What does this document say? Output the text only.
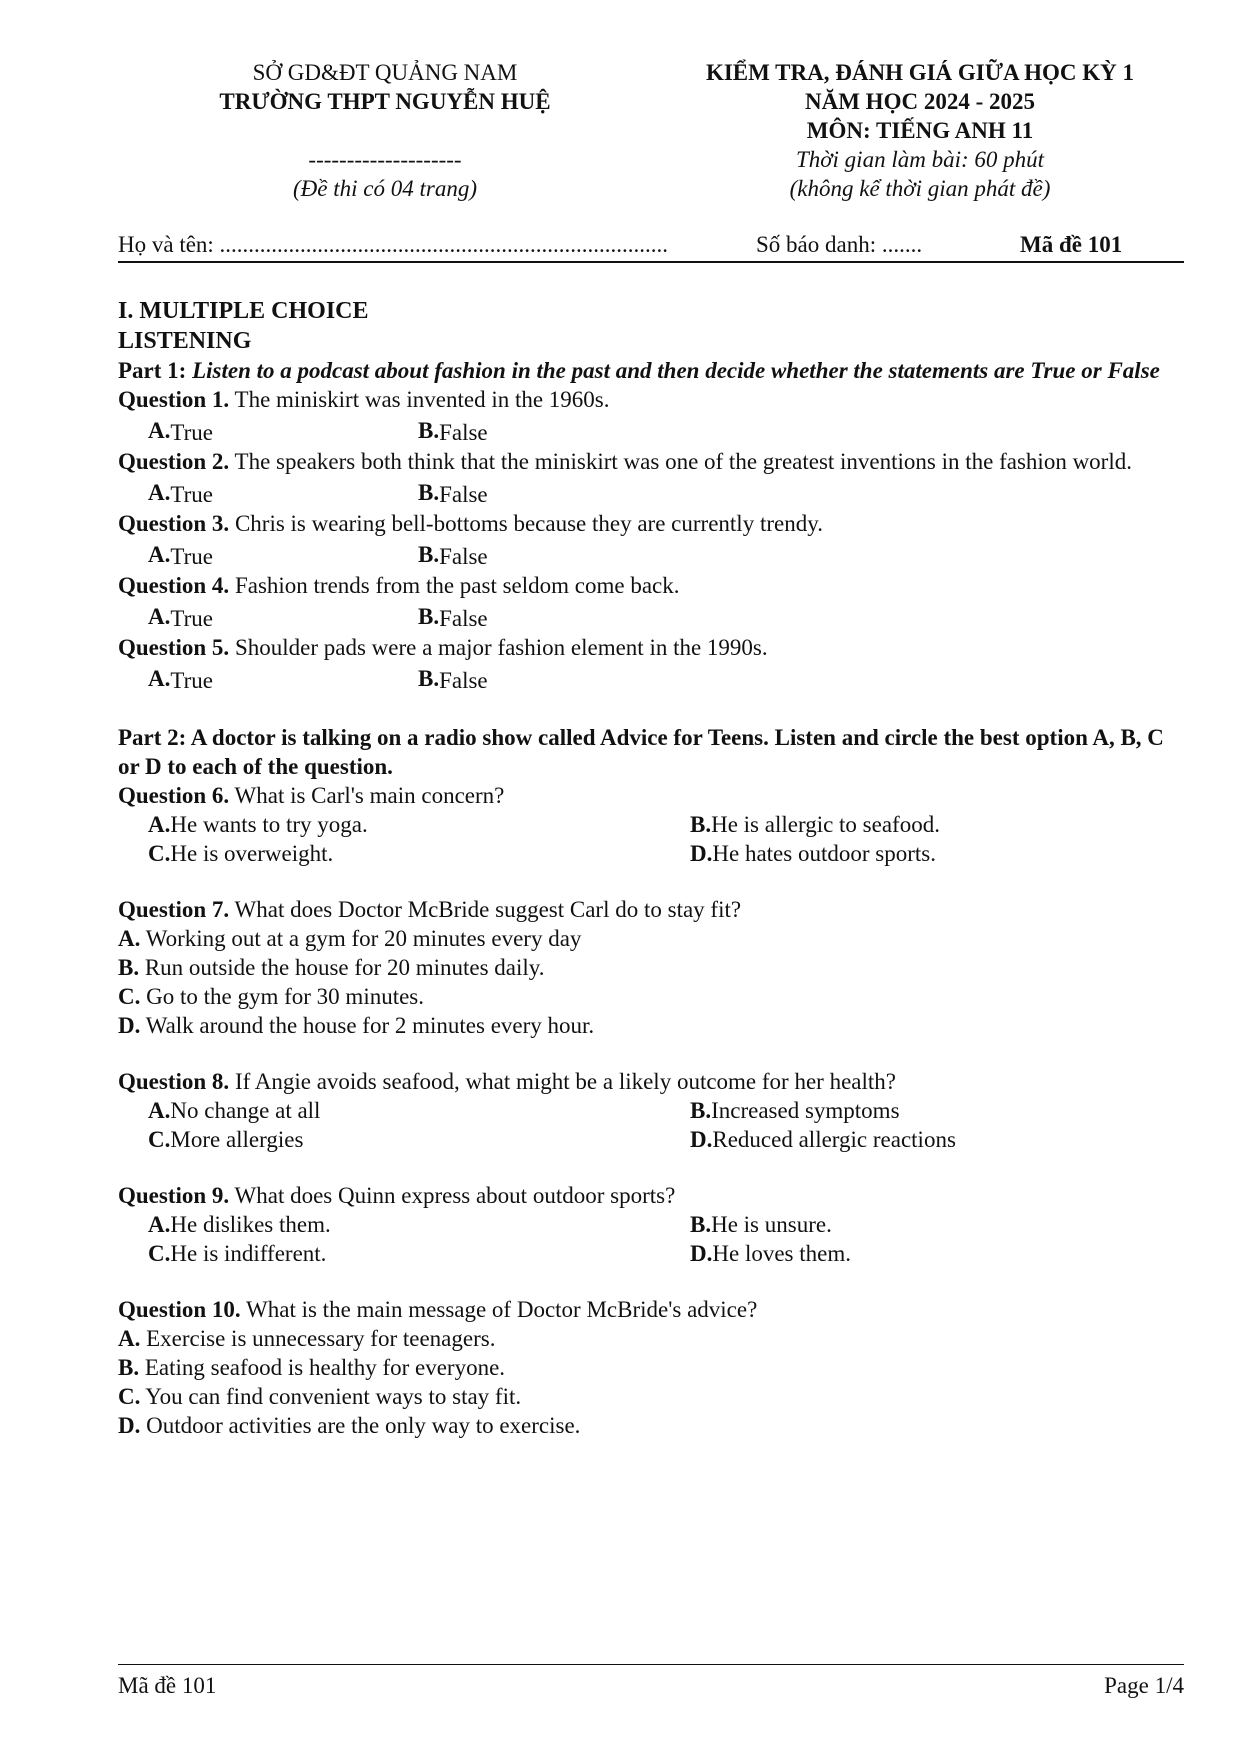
SỞ GD&ĐT QUẢNG NAM
TRƯỜNG THPT NGUYỄN HUỆ
--------------------
(Đề thi có 04 trang)
KIỂM TRA, ĐÁNH GIÁ GIỮA HỌC KỲ 1
NĂM HỌC 2024 - 2025
MÔN: TIẾNG ANH 11
Thời gian làm bài: 60 phút
(không kể thời gian phát đề)
Họ và tên: ..............................................................................	Số báo danh: .......	Mã đề 101

I. MULTIPLE CHOICE

LISTENING

Part 1: Listen to a podcast about fashion in the past and then decide whether the statements are True or False

Question 1. The miniskirt was invented in the 1960s.

A. True	B. False

Question 2. The speakers both think that the miniskirt was one of the greatest inventions in the fashion world.

A. True	B. False

Question 3. Chris is wearing bell-bottoms because they are currently trendy.

A. True	B. False

Question 4. Fashion trends from the past seldom come back.

A. True	B. False

Question 5. Shoulder pads were a major fashion element in the 1990s.

A. True	B. False

Part 2: A doctor is talking on a radio show called Advice for Teens. Listen and circle the best option A, B, C or D to each of the question.

Question 6. What is Carl's main concern?

A. He wants to try yoga.	B. He is allergic to seafood.
C. He is overweight.	D. He hates outdoor sports.

Question 7. What does Doctor McBride suggest Carl do to stay fit?

A. Working out at a gym for 20 minutes every day

B. Run outside the house for 20 minutes daily.

C. Go to the gym for 30 minutes.

D. Walk around the house for 2 minutes every hour.

Question 8. If Angie avoids seafood, what might be a likely outcome for her health?

A. No change at all	B. Increased symptoms
C. More allergies	D. Reduced allergic reactions

Question 9. What does Quinn express about outdoor sports?

A. He dislikes them.	B. He is unsure.
C. He is indifferent.	D. He loves them.

Question 10. What is the main message of Doctor McBride's advice?

A. Exercise is unnecessary for teenagers.

B. Eating seafood is healthy for everyone.

C. You can find convenient ways to stay fit.

D. Outdoor activities are the only way to exercise.

Mã đề 101	Page 1/4
